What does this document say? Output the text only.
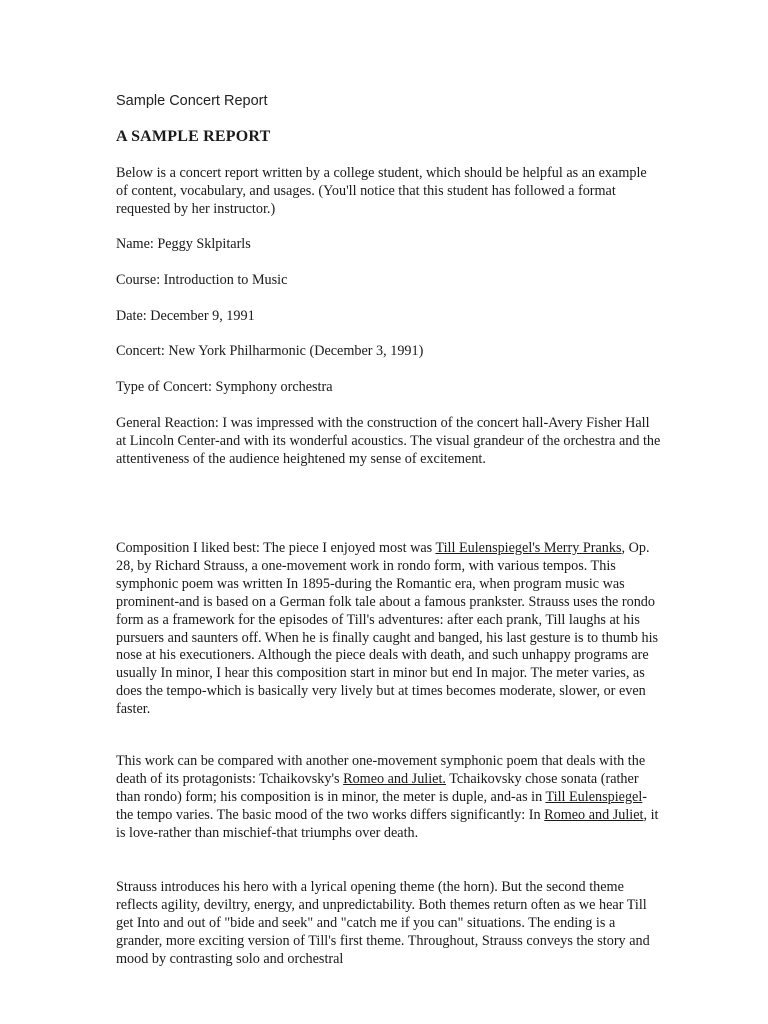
Sample Concert Report
A SAMPLE REPORT

Below is a concert report written by a college student, which should be helpful as an example of content, vocabulary, and usages. (You'll notice that this student has followed a format requested by her instructor.)

Name: Peggy Sklpitarls

Course: Introduction to Music

Date: December 9, 1991

Concert: New York Philharmonic (December 3, 1991)

Type of Concert: Symphony orchestra

General Reaction: I was impressed with the construction of the concert hall-Avery Fisher Hall at Lincoln Center-and with its wonderful acoustics. The visual grandeur of the orchestra and the attentiveness of the audience heightened my sense of excitement.

Composition I liked best: The piece I enjoyed most was Till Eulenspiegel's Merry Pranks, Op. 28, by Richard Strauss, a one-movement work in rondo form, with various tempos. This symphonic poem was written In 1895-during the Romantic era, when program music was prominent-and is based on a German folk tale about a famous prankster. Strauss uses the rondo form as a framework for the episodes of Till's adventures: after each prank, Till laughs at his pursuers and saunters off. When he is finally caught and banged, his last gesture is to thumb his nose at his executioners. Although the piece deals with death, and such unhappy programs are usually In minor, I hear this composition start in minor but end In major. The meter varies, as does the tempo-which is basically very lively but at times becomes moderate, slower, or even faster.

This work can be compared with another one-movement symphonic poem that deals with the death of its protagonists: Tchaikovsky's Romeo and Juliet. Tchaikovsky chose sonata (rather than rondo) form; his composition is in minor, the meter is duple, and-as in Till Eulenspiegel-the tempo varies. The basic mood of the two works differs significantly: In Romeo and Juliet, it is love-rather than mischief-that triumphs over death.

Strauss introduces his hero with a lyrical opening theme (the horn). But the second theme reflects agility, deviltry, energy, and unpredictability. Both themes return often as we hear Till get Into and out of "bide and seek" and "catch me if you can" situations. The ending is a grander, more exciting version of Till's first theme. Throughout, Strauss conveys the story and mood by contrasting solo and orchestral
